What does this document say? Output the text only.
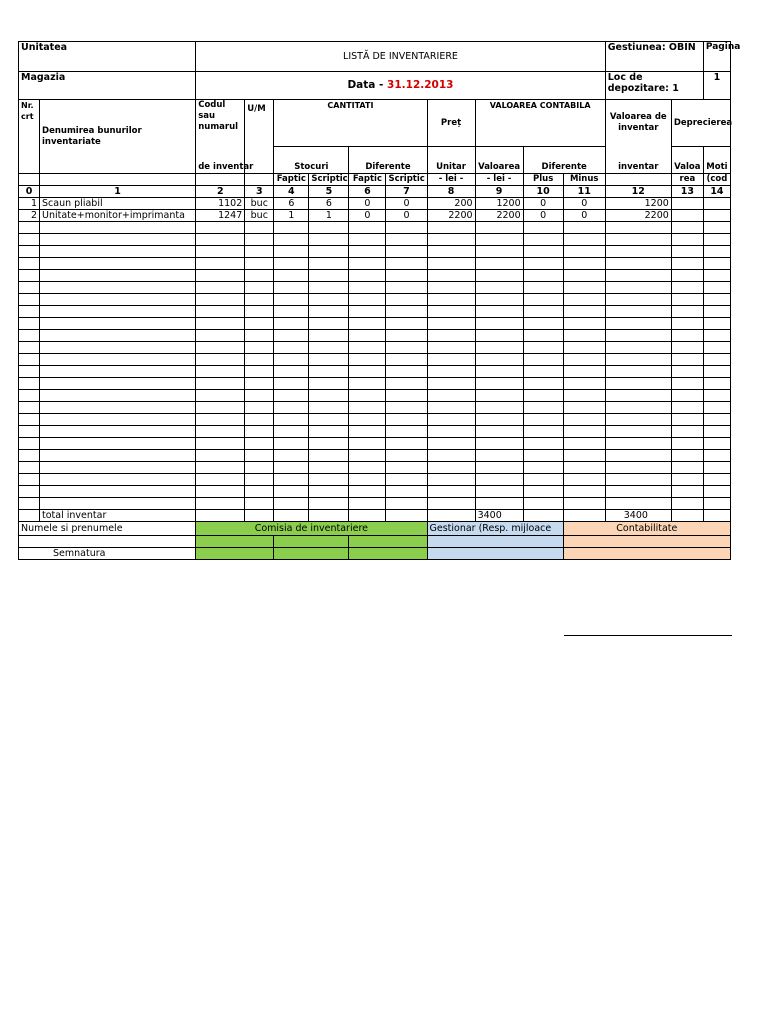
Unitatea		LISTĂ DE INVENTARIERE										Gestiunea: OBIN		Pagina
Magazia		Data - 31.12.2013										Loc de depozitare: 1		1
Nr. crt	Denumirea bunurilor inventariate	Codul sau numarul	U/M	CANTITATI				Preț	VALOAREA CONTABILA			Valoarea de inventar	Deprecierea	
		de inventar		Stocuri		Diferente		Unitar	Valoarea	Diferente		inventar	Valoa	Moti
				Faptic	Scriptic	Faptic	Scriptic	- lei -	- lei -	Plus	Minus		rea	(cod
0	1	2	3	4	5	6	7	8	9	10	11	12	13	14
1	Scaun pliabil	1102	buc	6	6	0	0	200	1200	0	0	1200		
2	Unitate+monitor+imprimanta	1247	buc	1	1	0	0	2200	2200	0	0	2200		

	total inventar								3400			3400		
Numele si prenumele		Comisia de inventariere						Gestionar (Resp. mijloace			Contabilitate			

Semnatura														
